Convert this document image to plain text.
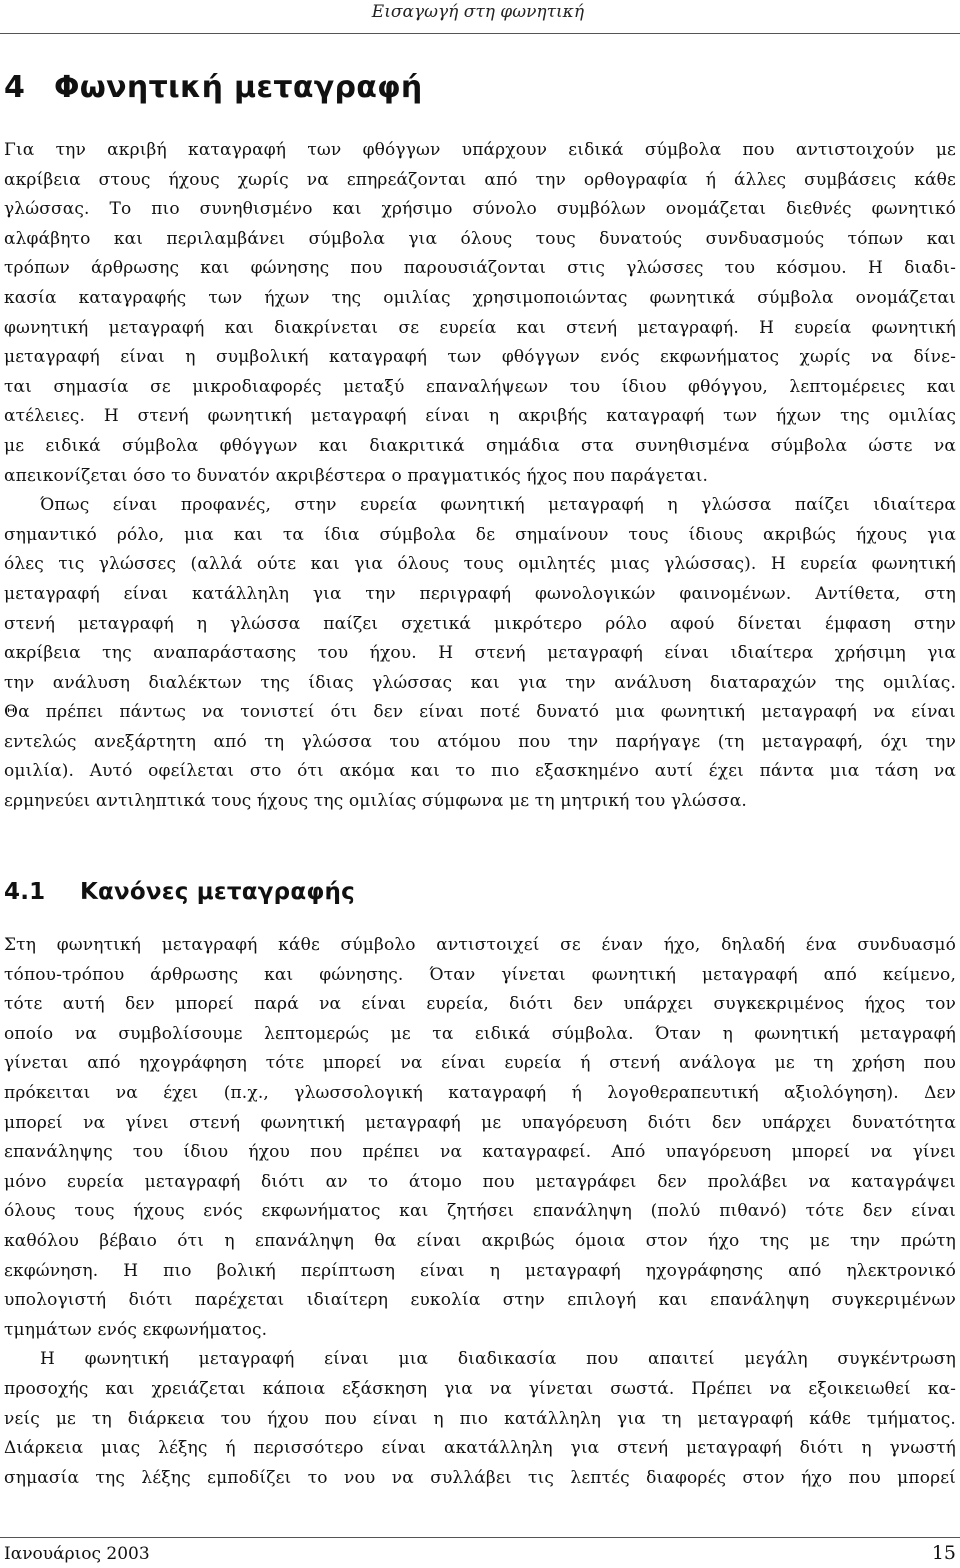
Εισαγωγή στη φωνητική
4 Φωνητική μεταγραφή
Για την ακριβή καταγραφή των φθόγγων υπάρχουν ειδικά σύμβολα που αντιστοιχούν με
ακρίβεια στους ήχους χωρίς να επηρεάζονται από την ορθογραφία ή άλλες συμβάσεις κάθε
γλώσσας. Το πιο συνηθισμένο και χρήσιμο σύνολο συμβόλων ονομάζεται διεθνές φωνητικό
αλφάβητο και περιλαμβάνει σύμβολα για όλους τους δυνατούς συνδυασμούς τόπων και
τρόπων άρθρωσης και φώνησης που παρουσιάζονται στις γλώσσες του κόσμου. Η διαδι-
κασία καταγραφής των ήχων της ομιλίας χρησιμοποιώντας φωνητικά σύμβολα ονομάζεται
φωνητική μεταγραφή και διακρίνεται σε ευρεία και στενή μεταγραφή. Η ευρεία φωνητική
μεταγραφή είναι η συμβολική καταγραφή των φθόγγων ενός εκφωνήματος χωρίς να δίνε-
ται σημασία σε μικροδιαφορές μεταξύ επαναλήψεων του ίδιου φθόγγου, λεπτομέρειες και
ατέλειες. Η στενή φωνητική μεταγραφή είναι η ακριβής καταγραφή των ήχων της ομιλίας
με ειδικά σύμβολα φθόγγων και διακριτικά σημάδια στα συνηθισμένα σύμβολα ώστε να
απεικονίζεται όσο το δυνατόν ακριβέστερα ο πραγματικός ήχος που παράγεται.
Όπως είναι προφανές, στην ευρεία φωνητική μεταγραφή η γλώσσα παίζει ιδιαίτερα
σημαντικό ρόλο, μια και τα ίδια σύμβολα δε σημαίνουν τους ίδιους ακριβώς ήχους για
όλες τις γλώσσες (αλλά ούτε και για όλους τους ομιλητές μιας γλώσσας). Η ευρεία φωνητική
μεταγραφή είναι κατάλληλη για την περιγραφή φωνολογικών φαινομένων. Αντίθετα, στη
στενή μεταγραφή η γλώσσα παίζει σχετικά μικρότερο ρόλο αφού δίνεται έμφαση στην
ακρίβεια της αναπαράστασης του ήχου. Η στενή μεταγραφή είναι ιδιαίτερα χρήσιμη για
την ανάλυση διαλέκτων της ίδιας γλώσσας και για την ανάλυση διαταραχών της ομιλίας.
Θα πρέπει πάντως να τονιστεί ότι δεν είναι ποτέ δυνατό μια φωνητική μεταγραφή να είναι
εντελώς ανεξάρτητη από τη γλώσσα του ατόμου που την παρήγαγε (τη μεταγραφή, όχι την
ομιλία). Αυτό οφείλεται στο ότι ακόμα και το πιο εξασκημένο αυτί έχει πάντα μια τάση να
ερμηνεύει αντιληπτικά τους ήχους της ομιλίας σύμφωνα με τη μητρική του γλώσσα.
4.1 Κανόνες μεταγραφής
Στη φωνητική μεταγραφή κάθε σύμβολο αντιστοιχεί σε έναν ήχο, δηλαδή ένα συνδυασμό
τόπου-τρόπου άρθρωσης και φώνησης. Όταν γίνεται φωνητική μεταγραφή από κείμενο,
τότε αυτή δεν μπορεί παρά να είναι ευρεία, διότι δεν υπάρχει συγκεκριμένος ήχος τον
οποίο να συμβολίσουμε λεπτομερώς με τα ειδικά σύμβολα. Όταν η φωνητική μεταγραφή
γίνεται από ηχογράφηση τότε μπορεί να είναι ευρεία ή στενή ανάλογα με τη χρήση που
πρόκειται να έχει (π.χ., γλωσσολογική καταγραφή ή λογοθεραπευτική αξιολόγηση). Δεν
μπορεί να γίνει στενή φωνητική μεταγραφή με υπαγόρευση διότι δεν υπάρχει δυνατότητα
επανάληψης του ίδιου ήχου που πρέπει να καταγραφεί. Από υπαγόρευση μπορεί να γίνει
μόνο ευρεία μεταγραφή διότι αν το άτομο που μεταγράφει δεν προλάβει να καταγράψει
όλους τους ήχους ενός εκφωνήματος και ζητήσει επανάληψη (πολύ πιθανό) τότε δεν είναι
καθόλου βέβαιο ότι η επανάληψη θα είναι ακριβώς όμοια στον ήχο της με την πρώτη
εκφώνηση. Η πιο βολική περίπτωση είναι η μεταγραφή ηχογράφησης από ηλεκτρονικό
υπολογιστή διότι παρέχεται ιδιαίτερη ευκολία στην επιλογή και επανάληψη συγκεριμένων
τμημάτων ενός εκφωνήματος.
Η φωνητική μεταγραφή είναι μια διαδικασία που απαιτεί μεγάλη συγκέντρωση
προσοχής και χρειάζεται κάποια εξάσκηση για να γίνεται σωστά. Πρέπει να εξοικειωθεί κα-
νείς με τη διάρκεια του ήχου που είναι η πιο κατάλληλη για τη μεταγραφή κάθε τμήματος.
Διάρκεια μιας λέξης ή περισσότερο είναι ακατάλληλη για στενή μεταγραφή διότι η γνωστή
σημασία της λέξης εμποδίζει το νου να συλλάβει τις λεπτές διαφορές στον ήχο που μπορεί
Ιανουάριος 2003	15
